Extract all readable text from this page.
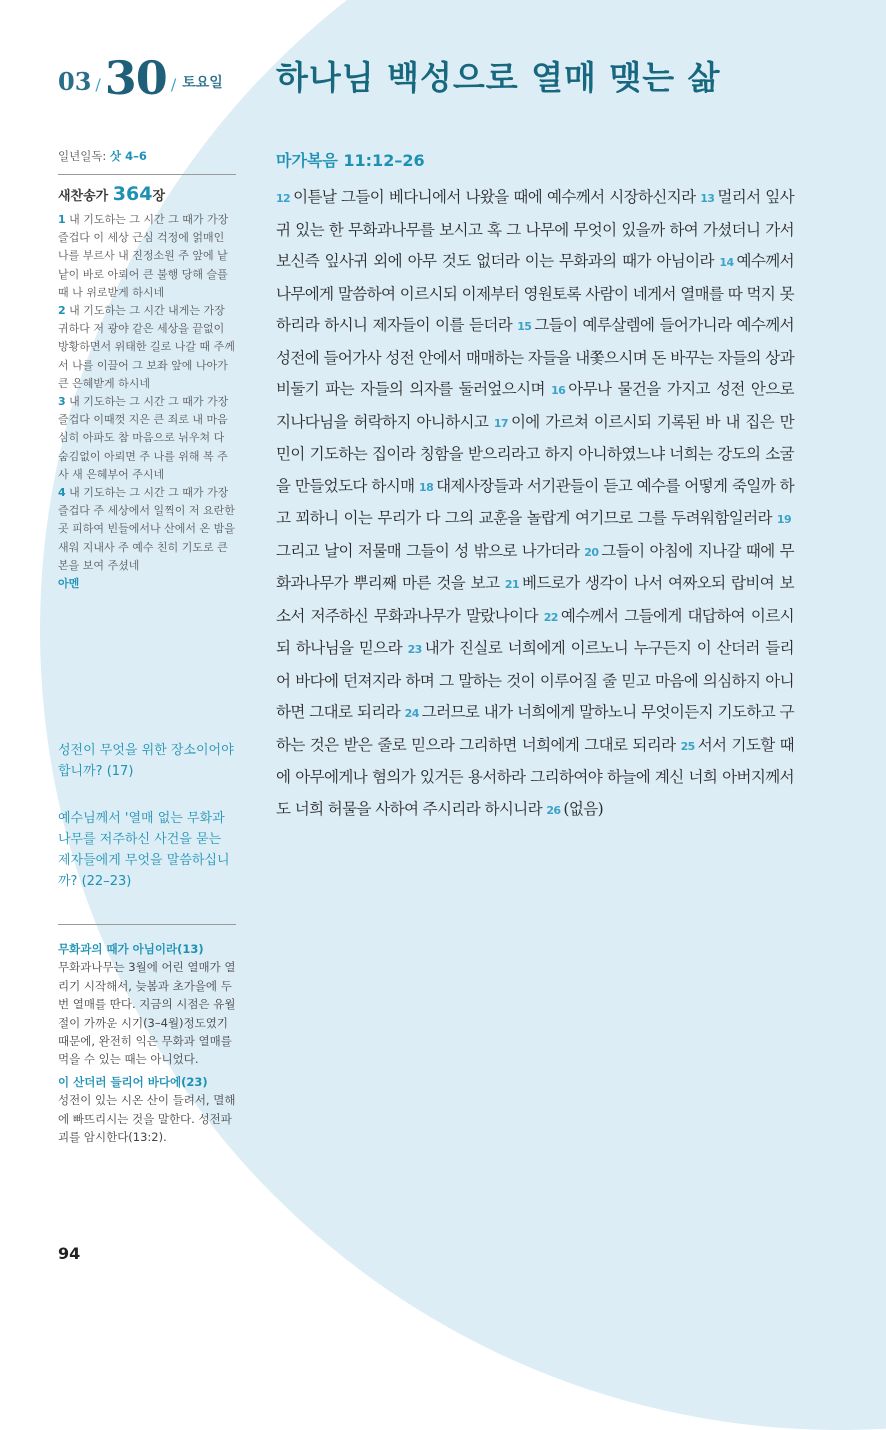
03 / 30 / 토요일 하나님 백성으로 열매 맺는 삶
일년일독: 삿 4–6
새찬송가 364장
1 내 기도하는 그 시간 그 때가 가장 즐겁다 이 세상 근심 걱정에 얽매인 나를 부르사 내 진정소원 주 앞에 낱낱이 바로 아뢰어 큰 불행 당해 슬플 때 나 위로받게 하시네
2 내 기도하는 그 시간 내게는 가장 귀하다 저 광야 같은 세상을 끝없이 방황하면서 위태한 길로 나갈 때 주께서 나를 이끌어 그 보좌 앞에 나아가 큰 은혜받게 하시네
3 내 기도하는 그 시간 그 때가 가장 즐겁다 이때껏 지은 큰 죄로 내 마음 심히 아파도 참 마음으로 뉘우쳐 다 숨김없이 아뢰면 주 나를 위해 복 주사 새 은혜부어 주시네
4 내 기도하는 그 시간 그 때가 가장 즐겁다 주 세상에서 일찍이 저 요란한 곳 피하여 빈들에서나 산에서 온 밤을 새워 지내사 주 예수 친히 기도로 큰 본을 보여 주셨네
아멘
성전이 무엇을 위한 장소이어야 합니까? (17)
예수님께서 '열매 없는 무화과나무를 저주하신 사건을 묻는 제자들에게 무엇을 말씀하십니까? (22–23)
무화과의 때가 아님이라(13)
무화과나무는 3월에 어린 열매가 열리기 시작해서, 늦봄과 초가을에 두 번 열매를 딴다. 지금의 시점은 유월절이 가까운 시기(3–4월)정도였기 때문에, 완전히 익은 무화과 열매를 먹을 수 있는 때는 아니었다.
이 산더러 들리어 바다에(23)
성전이 있는 시온 산이 들려서, 멸해에 빠뜨리시는 것을 말한다. 성전파괴를 암시한다(13:2).
94
마가복음 11:12–26
12 이튿날 그들이 베다니에서 나왔을 때에 예수께서 시장하신지라 13 멀리서 잎사귀 있는 한 무화과나무를 보시고 혹 그 나무에 무엇이 있을까 하여 가셨더니 가서 보신즉 잎사귀 외에 아무 것도 없더라 이는 무화과의 때가 아님이라 14 예수께서 나무에게 말씀하여 이르시되 이제부터 영원토록 사람이 네게서 열매를 따 먹지 못하리라 하시니 제자들이 이를 듣더라 15 그들이 예루살렘에 들어가니라 예수께서 성전에 들어가사 성전 안에서 매매하는 자들을 내쫓으시며 돈 바꾸는 자들의 상과 비둘기 파는 자들의 의자를 둘러엎으시며 16 아무나 물건을 가지고 성전 안으로 지나다님을 허락하지 아니하시고 17 이에 가르쳐 이르시되 기록된 바 내 집은 만민이 기도하는 집이라 칭함을 받으리라고 하지 아니하였느냐 너희는 강도의 소굴을 만들었도다 하시매 18 대제사장들과 서기관들이 듣고 예수를 어떻게 죽일까 하고 꾀하니 이는 무리가 다 그의 교훈을 놀랍게 여기므로 그를 두려워함일러라 19그리고 날이 저물매 그들이 성 밖으로 나가더라 20 그들이 아침에 지나갈 때에 무화과나무가 뿌리째 마른 것을 보고 21 베드로가 생각이 나서 여짜오되 랍비여 보소서 저주하신 무화과나무가 말랐나이다 22 예수께서 그들에게 대답하여 이르시되 하나님을 믿으라 23 내가 진실로 너희에게 이르노니 누구든지 이 산더러 들리어 바다에 던져지라 하며 그 말하는 것이 이루어질 줄 믿고 마음에 의심하지 아니하면 그대로 되리라 24 그러므로 내가 너희에게 말하노니 무엇이든지 기도하고 구하는 것은 받은 줄로 믿으라 그리하면 너희에게 그대로 되리라 25 서서 기도할 때에 아무에게나 혐의가 있거든 용서하라 그리하여야 하늘에 계신 너희 아버지께서도 너희 허물을 사하여 주시리라 하시니라 26 (없음)
